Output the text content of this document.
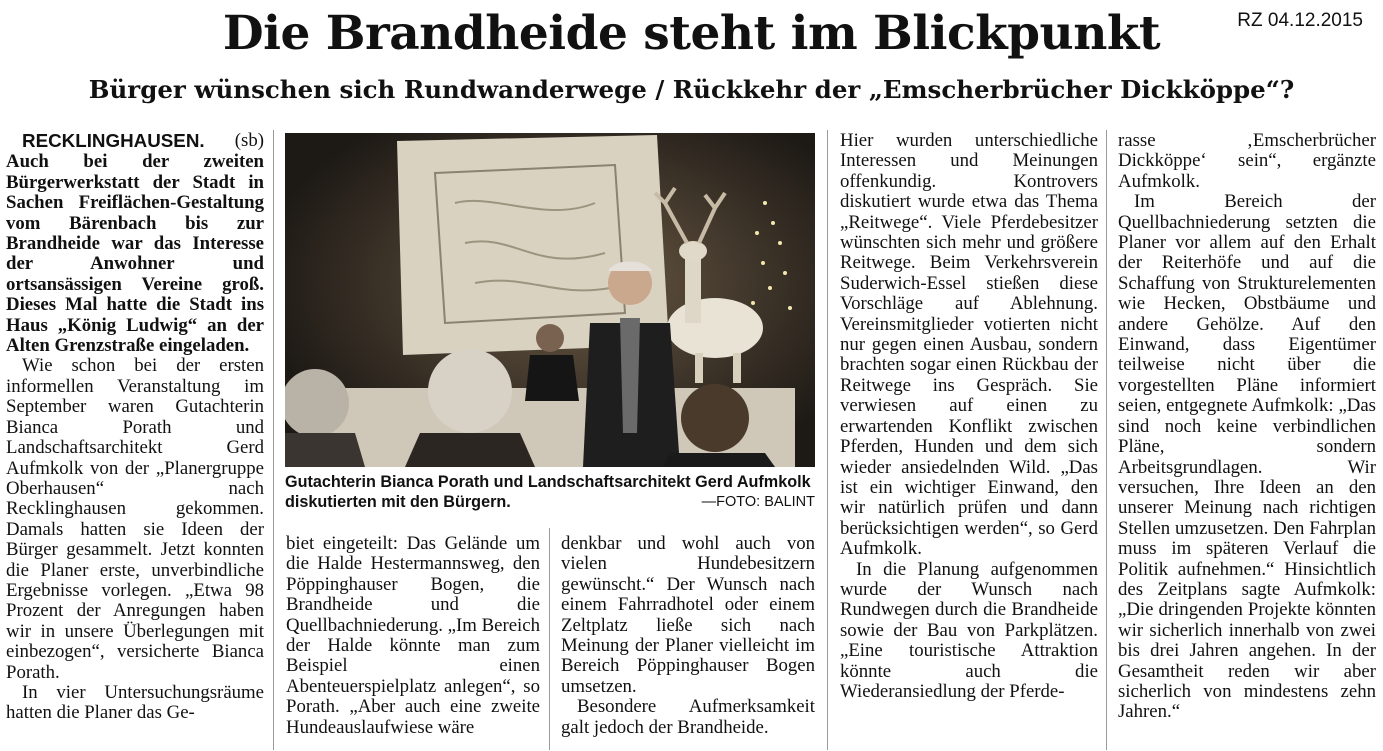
Die Brandheide steht im Blickpunkt	RZ 04.12.2015
Bürger wünschen sich Rundwanderwege / Rückkehr der „Emscherbrücher Dickköppe“?

(sb)
RECKLINGHAUSEN. Auch bei der zweiten Bürgerwerkstatt der Stadt in Sachen Freiflächen-Gestaltung vom Bärenbach bis zur Brandheide war das Interesse der Anwohner und ortsansässigen Vereine groß. Dieses Mal hatte die Stadt ins Haus „König Ludwig“ an der Alten Grenzstraße eingeladen.

Wie schon bei der ersten informellen Veranstaltung im September waren Gutachterin Bianca Porath und Landschaftsarchitekt Gerd Aufmkolk von der „Planergruppe Oberhausen“ nach Recklinghausen gekommen. Damals hatten sie Ideen der Bürger gesammelt. Jetzt konnten die Planer erste, unverbindliche Ergebnisse vorlegen. „Etwa 98 Prozent der Anregungen haben wir in unsere Überlegungen mit einbezogen“, versicherte Bianca Porath.

In vier Untersuchungsräume hatten die Planer das Ge-

Gutachterin Bianca Porath und Landschaftsarchitekt Gerd Aufmkolk diskutierten mit den Bürgern.	—FOTO: BALINT

biet eingeteilt: Das Gelände um die Halde Hestermannsweg, den Pöppinghauser Bogen, die Brandheide und die Quellbachniederung. „Im Bereich der Halde könnte man zum Beispiel einen Abenteuerspielplatz anlegen“, so Porath. „Aber auch eine zweite Hundeauslaufwiese wäre

denkbar und wohl auch von vielen Hundebesitzern gewünscht.“ Der Wunsch nach einem Fahrradhotel oder einem Zeltplatz ließe sich nach Meinung der Planer vielleicht im Bereich Pöppinghauser Bogen umsetzen.

Besondere Aufmerksamkeit galt jedoch der Brandheide.

Hier wurden unterschiedliche Interessen und Meinungen offenkundig. Kontrovers diskutiert wurde etwa das Thema „Reitwege“. Viele Pferdebesitzer wünschten sich mehr und größere Reitwege. Beim Verkehrsverein Suderwich-Essel stießen diese Vorschläge auf Ablehnung. Vereinsmitglieder votierten nicht nur gegen einen Ausbau, sondern brachten sogar einen Rückbau der Reitwege ins Gespräch. Sie verwiesen auf einen zu erwartenden Konflikt zwischen Pferden, Hunden und dem sich wieder ansiedelnden Wild. „Das ist ein wichtiger Einwand, den wir natürlich prüfen und dann berücksichtigen werden“, so Gerd Aufmkolk.

In die Planung aufgenommen wurde der Wunsch nach Rundwegen durch die Brandheide sowie der Bau von Parkplätzen. „Eine touristische Attraktion könnte auch die Wiederansiedlung der Pferde-

rasse ‚Emscherbrücher Dickköppe‘ sein“, ergänzte Aufmkolk.

Im Bereich der Quellbachniederung setzten die Planer vor allem auf den Erhalt der Reiterhöfe und auf die Schaffung von Strukturelementen wie Hecken, Obstbäume und andere Gehölze. Auf den Einwand, dass Eigentümer teilweise nicht über die vorgestellten Pläne informiert seien, entgegnete Aufmkolk: „Das sind noch keine verbindlichen Pläne, sondern Arbeitsgrundlagen. Wir versuchen, Ihre Ideen an den unserer Meinung nach richtigen Stellen umzusetzen. Den Fahrplan muss im späteren Verlauf die Politik aufnehmen.“ Hinsichtlich des Zeitplans sagte Aufmkolk: „Die dringenden Projekte könnten wir sicherlich innerhalb von zwei bis drei Jahren angehen. In der Gesamtheit reden wir aber sicherlich von mindestens zehn Jahren.“
